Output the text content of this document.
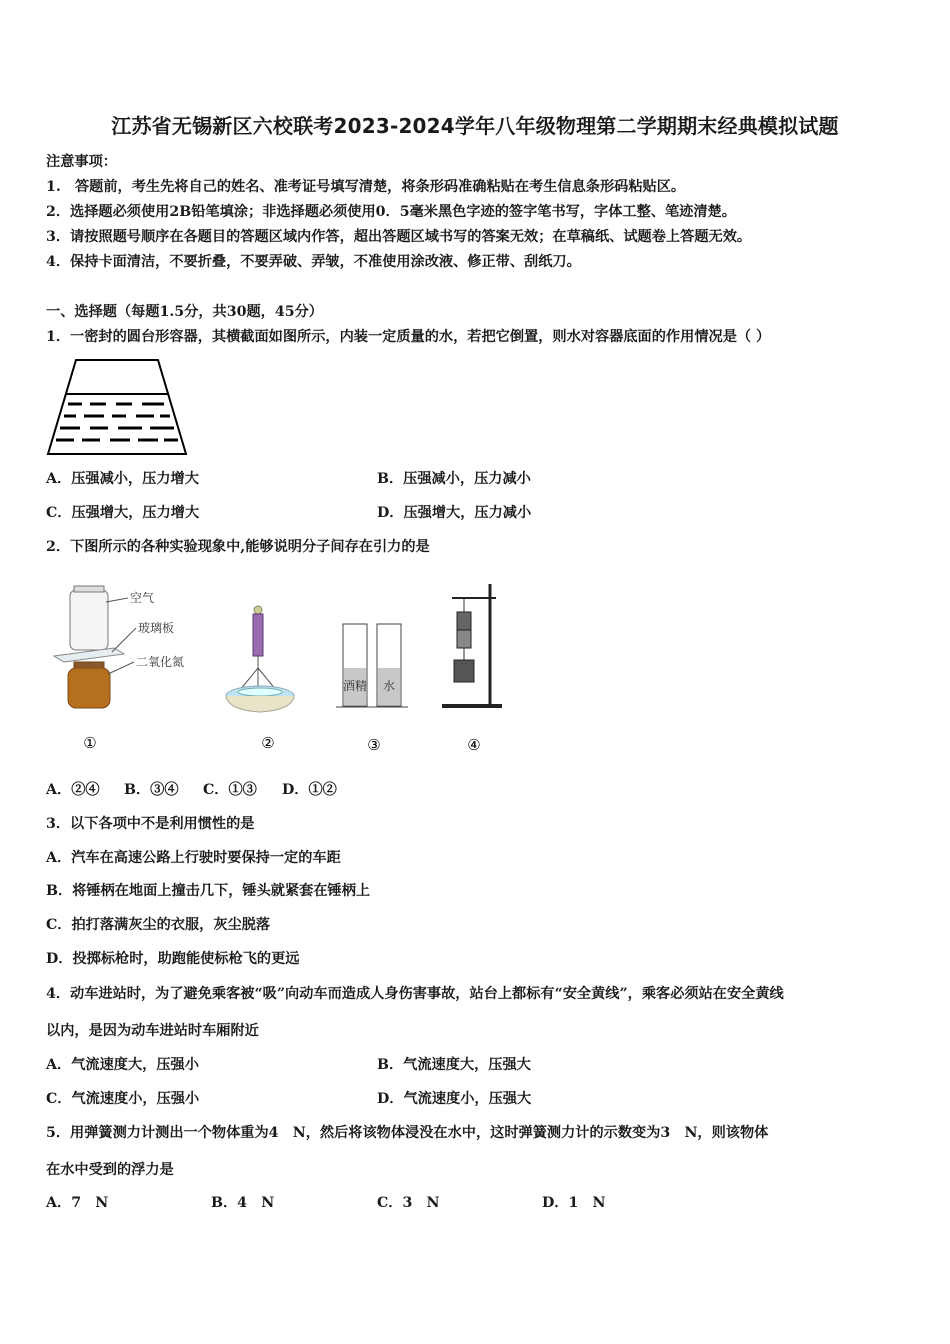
江苏省无锡新区六校联考2023-2024学年八年级物理第二学期期末经典模拟试题
注意事项：
1.　答题前，考生先将自己的姓名、准考证号填写清楚，将条形码准确粘贴在考生信息条形码粘贴区。
2．选择题必须使用2B铅笔填涂；非选择题必须使用0．5毫米黑色字迹的签字笔书写，字体工整、笔迹清楚。
3．请按照题号顺序在各题目的答题区域内作答，超出答题区域书写的答案无效；在草稿纸、试题卷上答题无效。
4．保持卡面清洁，不要折叠，不要弄破、弄皱，不准使用涂改液、修正带、刮纸刀。
一、选择题（每题1.5分，共30题，45分）
1．一密封的圆台形容器，其横截面如图所示，内装一定质量的水，若把它倒置，则水对容器底面的作用情况是（ ）
A．压强减小，压力增大	B．压强减小，压力减小
C．压强增大，压力增大	D．压强增大，压力减小
2．下图所示的各种实验现象中,能够说明分子间存在引力的是
空气
玻璃板
二氧化氮
①	②
酒精 水
③	④
A．②④ B．③④ C．①③ D．①②
3．以下各项中不是利用惯性的是
A．汽车在高速公路上行驶时要保持一定的车距
B．将锤柄在地面上撞击几下，锤头就紧套在锤柄上
C．拍打落满灰尘的衣服，灰尘脱落
D．投掷标枪时，助跑能使标枪飞的更远
4．动车进站时，为了避免乘客被“吸”向动车而造成人身伤害事故，站台上都标有“安全黄线”，乘客必须站在安全黄线
以内，是因为动车进站时车厢附近
A．气流速度大，压强小	B．气流速度大，压强大
C．气流速度小，压强小	D．气流速度小，压强大
5．用弹簧测力计测出一个物体重为4　N，然后将该物体浸没在水中，这时弹簧测力计的示数变为3　N，则该物体
在水中受到的浮力是
A．7　N	B．4　N	C．3　N	D．1　N
